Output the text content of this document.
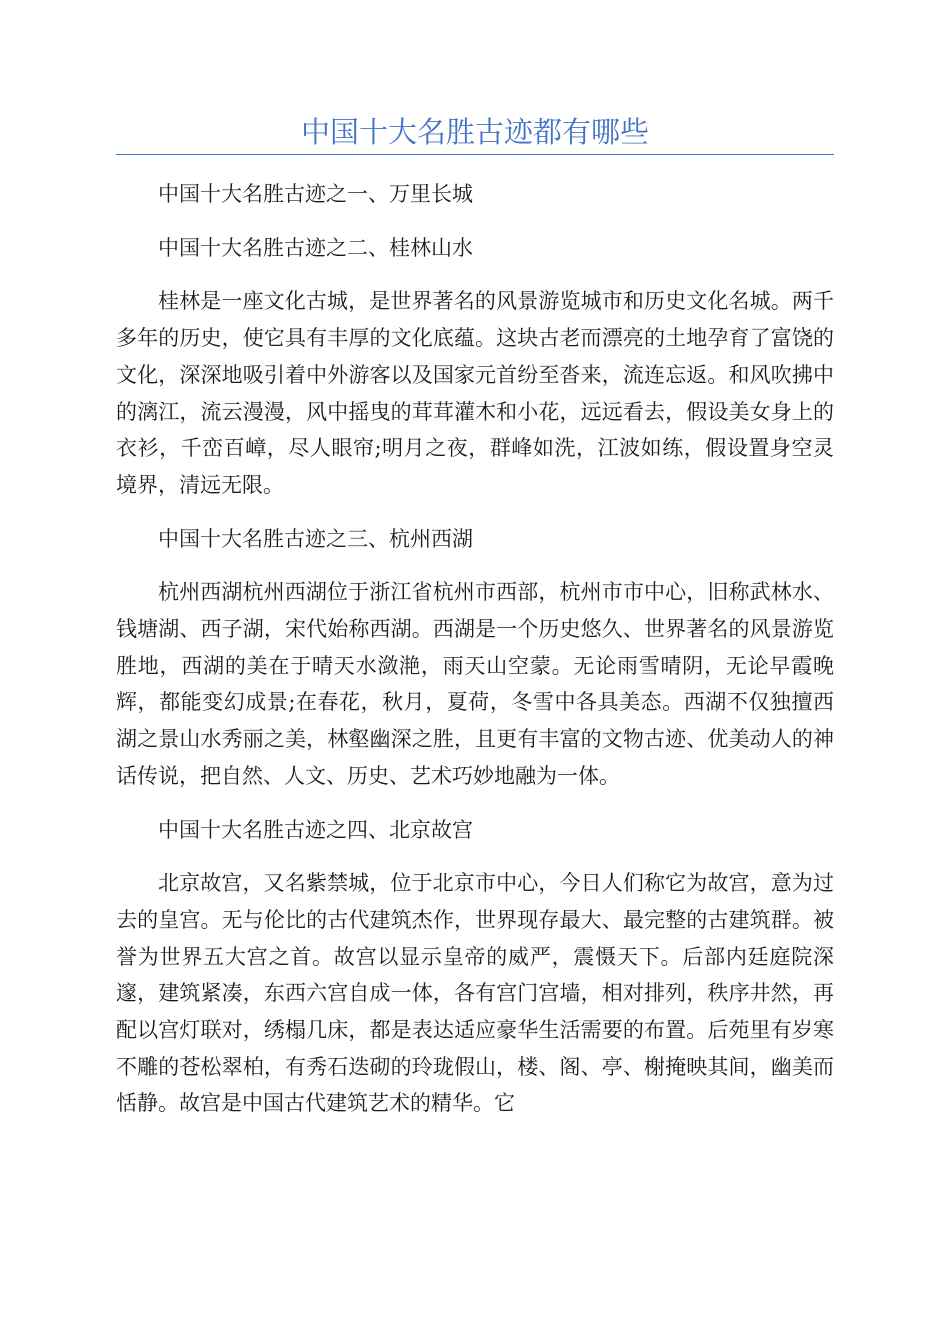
中国十大名胜古迹都有哪些

中国十大名胜古迹之一、万里长城

中国十大名胜古迹之二、桂林山水

桂林是一座文化古城，是世界著名的风景游览城市和历史文化名城。两千多年的历史，使它具有丰厚的文化底蕴。这块古老而漂亮的土地孕育了富饶的文化，深深地吸引着中外游客以及国家元首纷至沓来，流连忘返。和风吹拂中的漓江，流云漫漫，风中摇曳的茸茸灌木和小花，远远看去，假设美女身上的衣衫，千峦百嶂，尽人眼帘;明月之夜，群峰如洗，江波如练，假设置身空灵境界，清远无限。

中国十大名胜古迹之三、杭州西湖

杭州西湖杭州西湖位于浙江省杭州市西部，杭州市市中心，旧称武林水、钱塘湖、西子湖，宋代始称西湖。西湖是一个历史悠久、世界著名的风景游览胜地，西湖的美在于晴天水潋滟，雨天山空蒙。无论雨雪晴阴，无论早霞晚辉，都能变幻成景;在春花，秋月，夏荷，冬雪中各具美态。西湖不仅独擅西湖之景山水秀丽之美，林壑幽深之胜，且更有丰富的文物古迹、优美动人的神话传说，把自然、人文、历史、艺术巧妙地融为一体。

中国十大名胜古迹之四、北京故宫

北京故宫，又名紫禁城，位于北京市中心，今日人们称它为故宫，意为过去的皇宫。无与伦比的古代建筑杰作，世界现存最大、最完整的古建筑群。被誉为世界五大宫之首。故宫以显示皇帝的威严，震慑天下。后部内廷庭院深邃，建筑紧凑，东西六宫自成一体，各有宫门宫墙，相对排列，秩序井然，再配以宫灯联对，绣榻几床，都是表达适应豪华生活需要的布置。后苑里有岁寒不雕的苍松翠柏，有秀石迭砌的玲珑假山，楼、阁、亭、榭掩映其间，幽美而恬静。故宫是中国古代建筑艺术的精华。它
